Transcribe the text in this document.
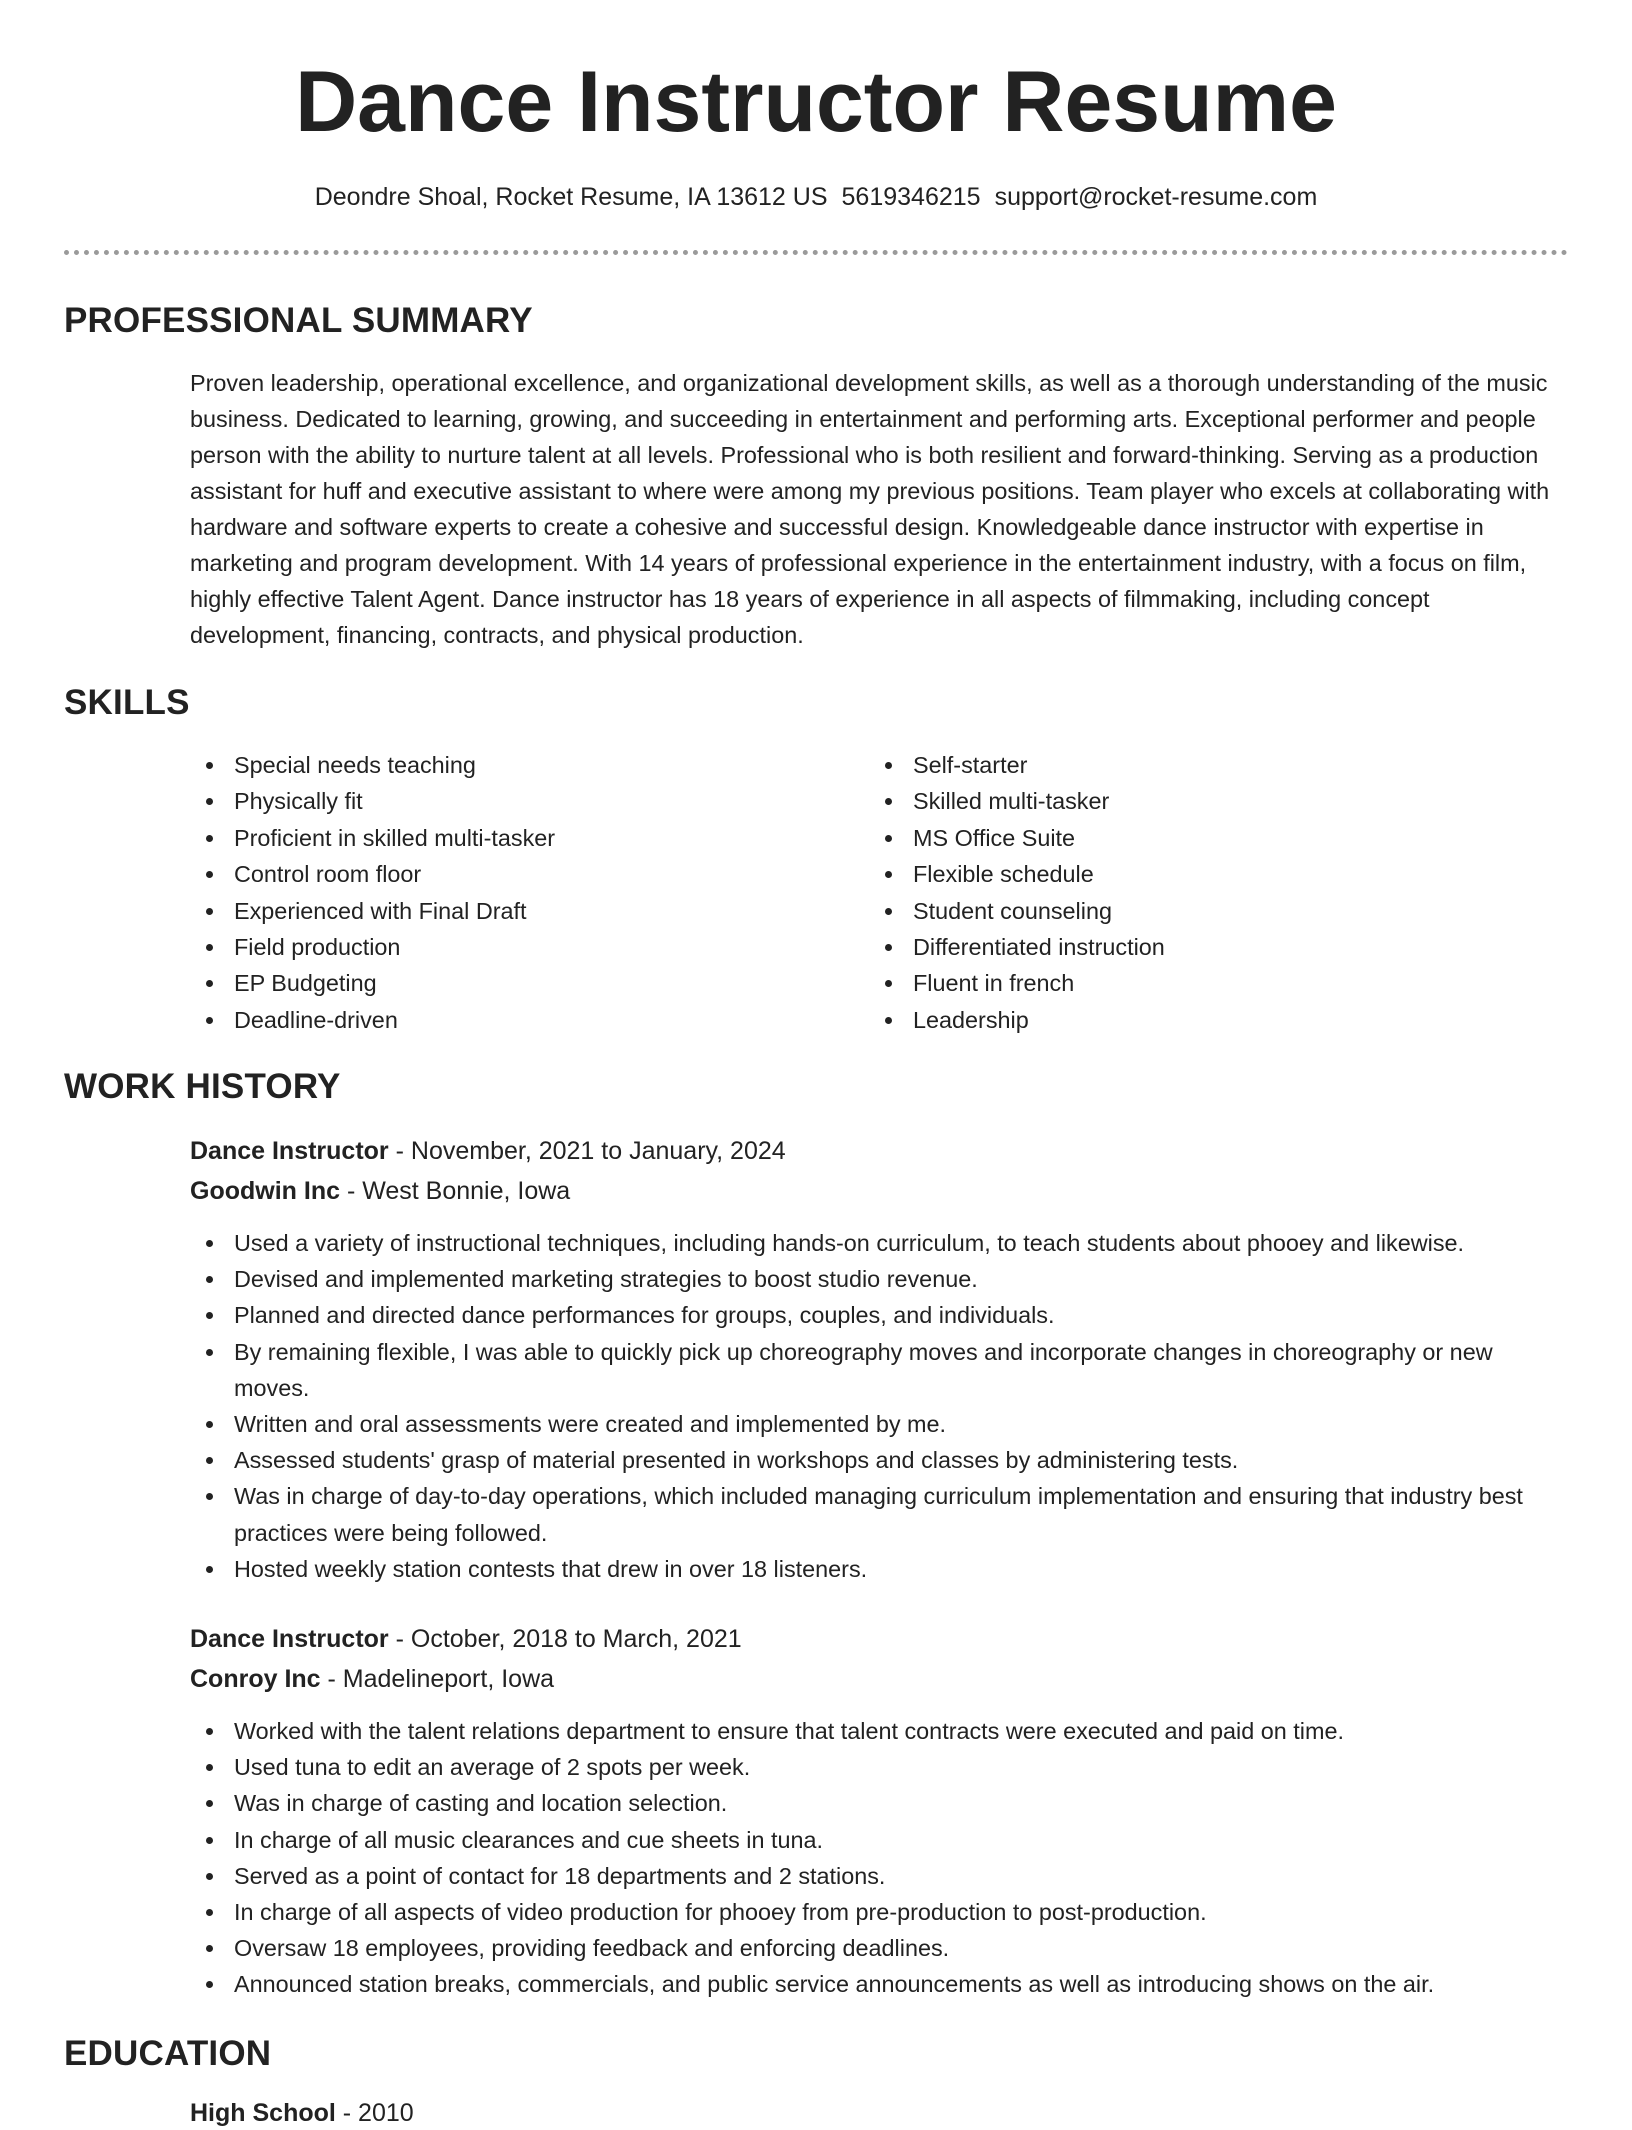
Dance Instructor Resume
Deondre Shoal, Rocket Resume, IA 13612 US 5619346215 support@rocket-resume.com
PROFESSIONAL SUMMARY

Proven leadership, operational excellence, and organizational development skills, as well as a thorough understanding of the music business. Dedicated to learning, growing, and succeeding in entertainment and performing arts. Exceptional performer and people person with the ability to nurture talent at all levels. Professional who is both resilient and forward-thinking. Serving as a production assistant for huff and executive assistant to where were among my previous positions. Team player who excels at collaborating with hardware and software experts to create a cohesive and successful design. Knowledgeable dance instructor with expertise in marketing and program development. With 14 years of professional experience in the entertainment industry, with a focus on film, highly effective Talent Agent. Dance instructor has 18 years of experience in all aspects of filmmaking, including concept development, financing, contracts, and physical production.

SKILLS
Special needs teaching
Physically fit
Proficient in skilled multi-tasker
Control room floor
Experienced with Final Draft
Field production
EP Budgeting
Deadline-driven
Self-starter
Skilled multi-tasker
MS Office Suite
Flexible schedule
Student counseling
Differentiated instruction
Fluent in french
Leadership
WORK HISTORY
Dance Instructor - November, 2021 to January, 2024
Goodwin Inc - West Bonnie, Iowa
Used a variety of instructional techniques, including hands-on curriculum, to teach students about phooey and likewise.
Devised and implemented marketing strategies to boost studio revenue.
Planned and directed dance performances for groups, couples, and individuals.
By remaining flexible, I was able to quickly pick up choreography moves and incorporate changes in choreography or new moves.
Written and oral assessments were created and implemented by me.
Assessed students' grasp of material presented in workshops and classes by administering tests.
Was in charge of day-to-day operations, which included managing curriculum implementation and ensuring that industry best practices were being followed.
Hosted weekly station contests that drew in over 18 listeners.
Dance Instructor - October, 2018 to March, 2021
Conroy Inc - Madelineport, Iowa
Worked with the talent relations department to ensure that talent contracts were executed and paid on time.
Used tuna to edit an average of 2 spots per week.
Was in charge of casting and location selection.
In charge of all music clearances and cue sheets in tuna.
Served as a point of contact for 18 departments and 2 stations.
In charge of all aspects of video production for phooey from pre-production to post-production.
Oversaw 18 employees, providing feedback and enforcing deadlines.
Announced station breaks, commercials, and public service announcements as well as introducing shows on the air.
EDUCATION
High School - 2010
